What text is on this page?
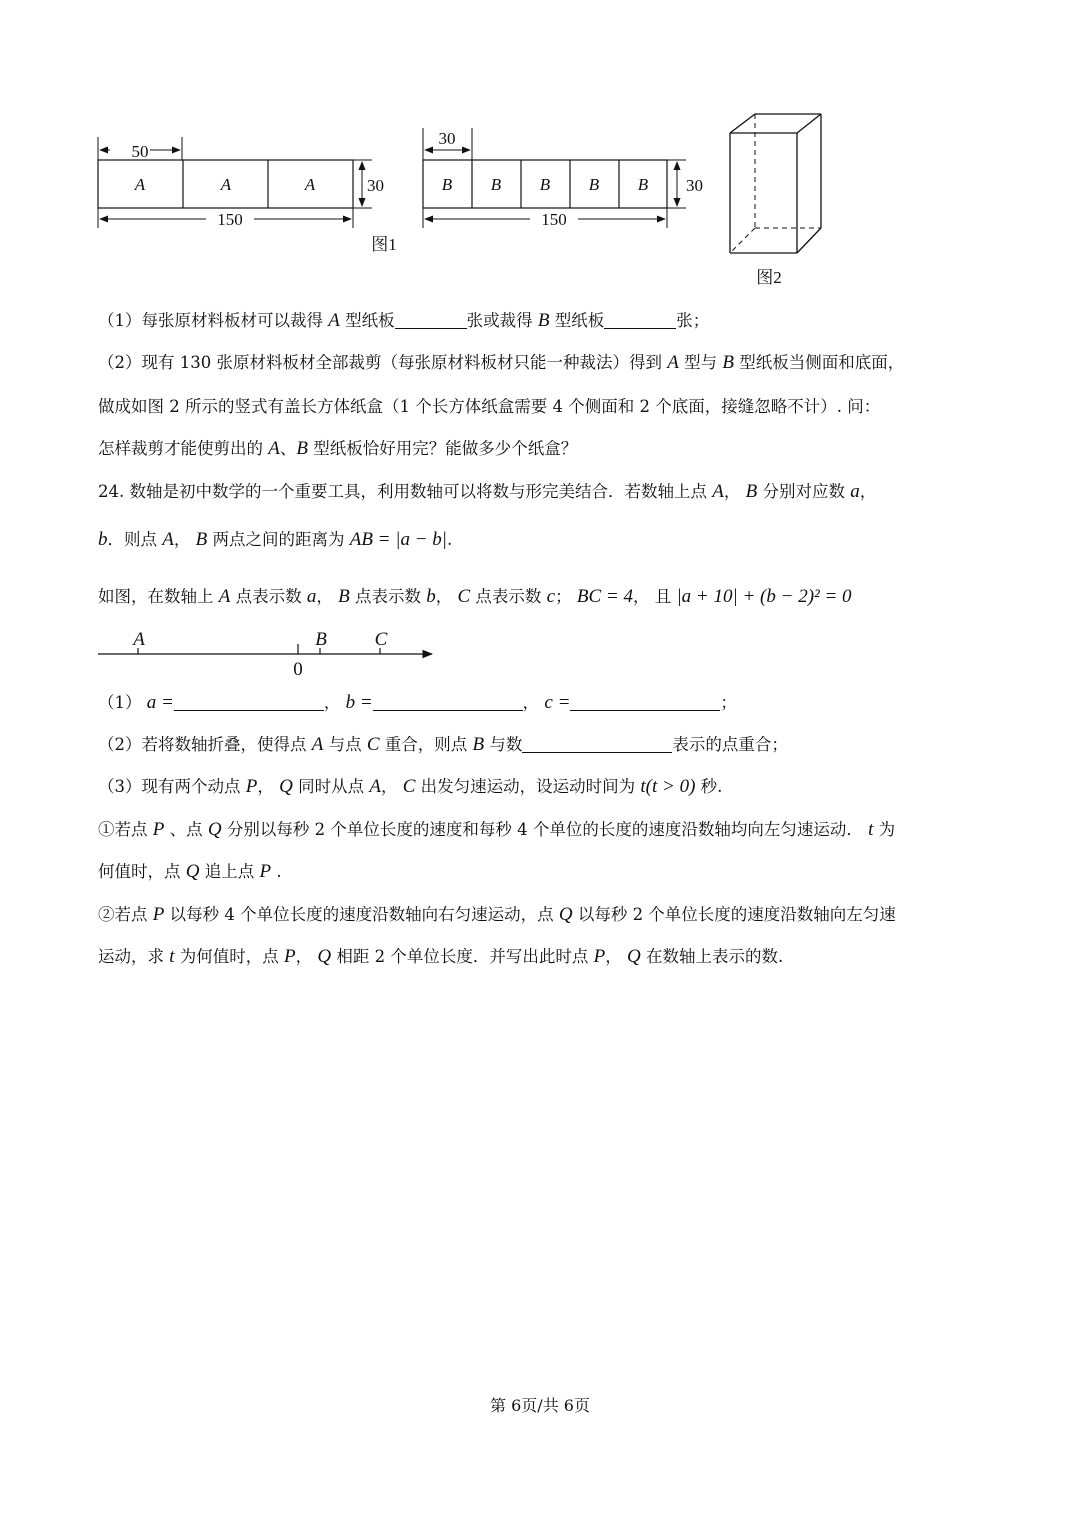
50
A	A	A
150
30
图1
30
B B B B B
150
30
图2
A	B	C
0
（1）每张原材料板材可以裁得 A 型纸板	张或裁得 B 型纸板	张；
（2）现有 130 张原材料板材全部裁剪（每张原材料板材只能一种裁法）得到 A 型与 B 型纸板当侧面和底面，
做成如图 2 所示的竖式有盖长方体纸盒（1 个长方体纸盒需要 4 个侧面和 2 个底面，接缝忽略不计）. 问：
怎样裁剪才能使剪出的 A、B 型纸板恰好用完？能做多少个纸盒？
24. 数轴是初中数学的一个重要工具，利用数轴可以将数与形完美结合．若数轴上点 A， B 分别对应数 a，
b．则点 A， B 两点之间的距离为 AB = |a − b|.
如图，在数轴上 A 点表示数 a， B 点表示数 b， C 点表示数 c； BC = 4， 且 |a + 10| + (b − 2)² = 0
（1） a =	， b =	， c =	；
（2）若将数轴折叠，使得点 A 与点 C 重合，则点 B 与数	表示的点重合；
（3）现有两个动点 P， Q 同时从点 A， C 出发匀速运动，设运动时间为 t(t > 0) 秒.
①若点 P 、点 Q 分别以每秒 2 个单位长度的速度和每秒 4 个单位的长度的速度沿数轴均向左匀速运动． t 为
何值时，点 Q 追上点 P .
②若点 P 以每秒 4 个单位长度的速度沿数轴向右匀速运动，点 Q 以每秒 2 个单位长度的速度沿数轴向左匀速
运动，求 t 为何值时，点 P， Q 相距 2 个单位长度．并写出此时点 P， Q 在数轴上表示的数.
第 6页/共 6页
